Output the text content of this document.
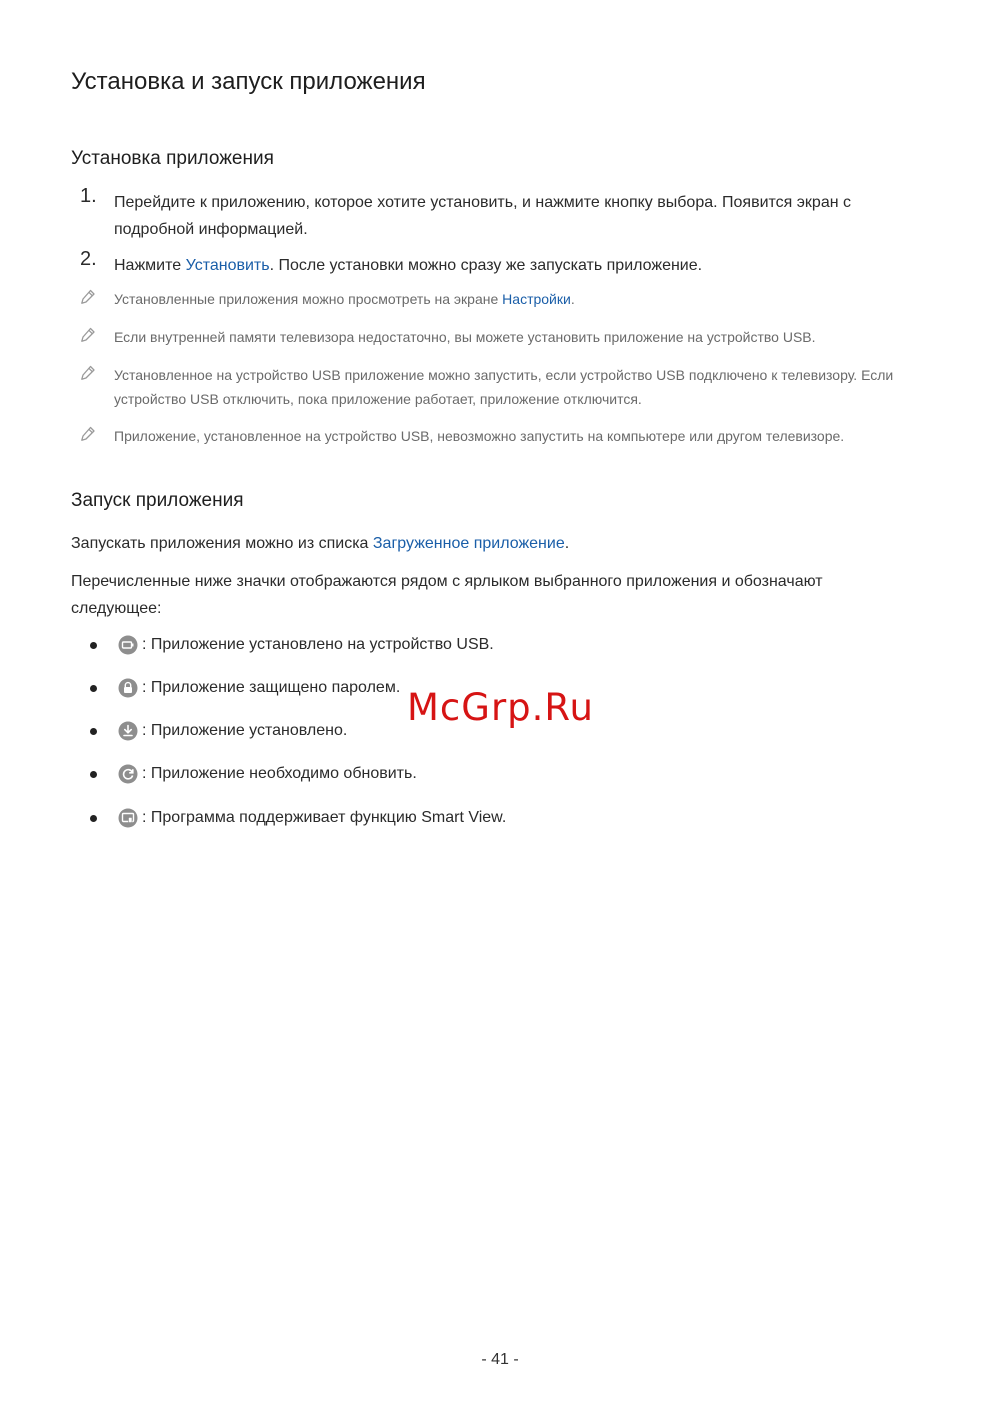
Установка и запуск приложения
Установка приложения
1. Перейдите к приложению, которое хотите установить, и нажмите кнопку выбора. Появится экран с подробной информацией.
2. Нажмите Установить. После установки можно сразу же запускать приложение.
Установленные приложения можно просмотреть на экране Настройки.
Если внутренней памяти телевизора недостаточно, вы можете установить приложение на устройство USB.
Установленное на устройство USB приложение можно запустить, если устройство USB подключено к телевизору. Если устройство USB отключить, пока приложение работает, приложение отключится.
Приложение, установленное на устройство USB, невозможно запустить на компьютере или другом телевизоре.
Запуск приложения

Запускать приложения можно из списка Загруженное приложение.

Перечисленные ниже значки отображаются рядом с ярлыком выбранного приложения и обозначают следующее:

: Приложение установлено на устройство USB.
: Приложение защищено паролем.
: Приложение установлено.
: Приложение необходимо обновить.
: Программа поддерживает функцию Smart View.
McGrp.Ru
- 41 -
